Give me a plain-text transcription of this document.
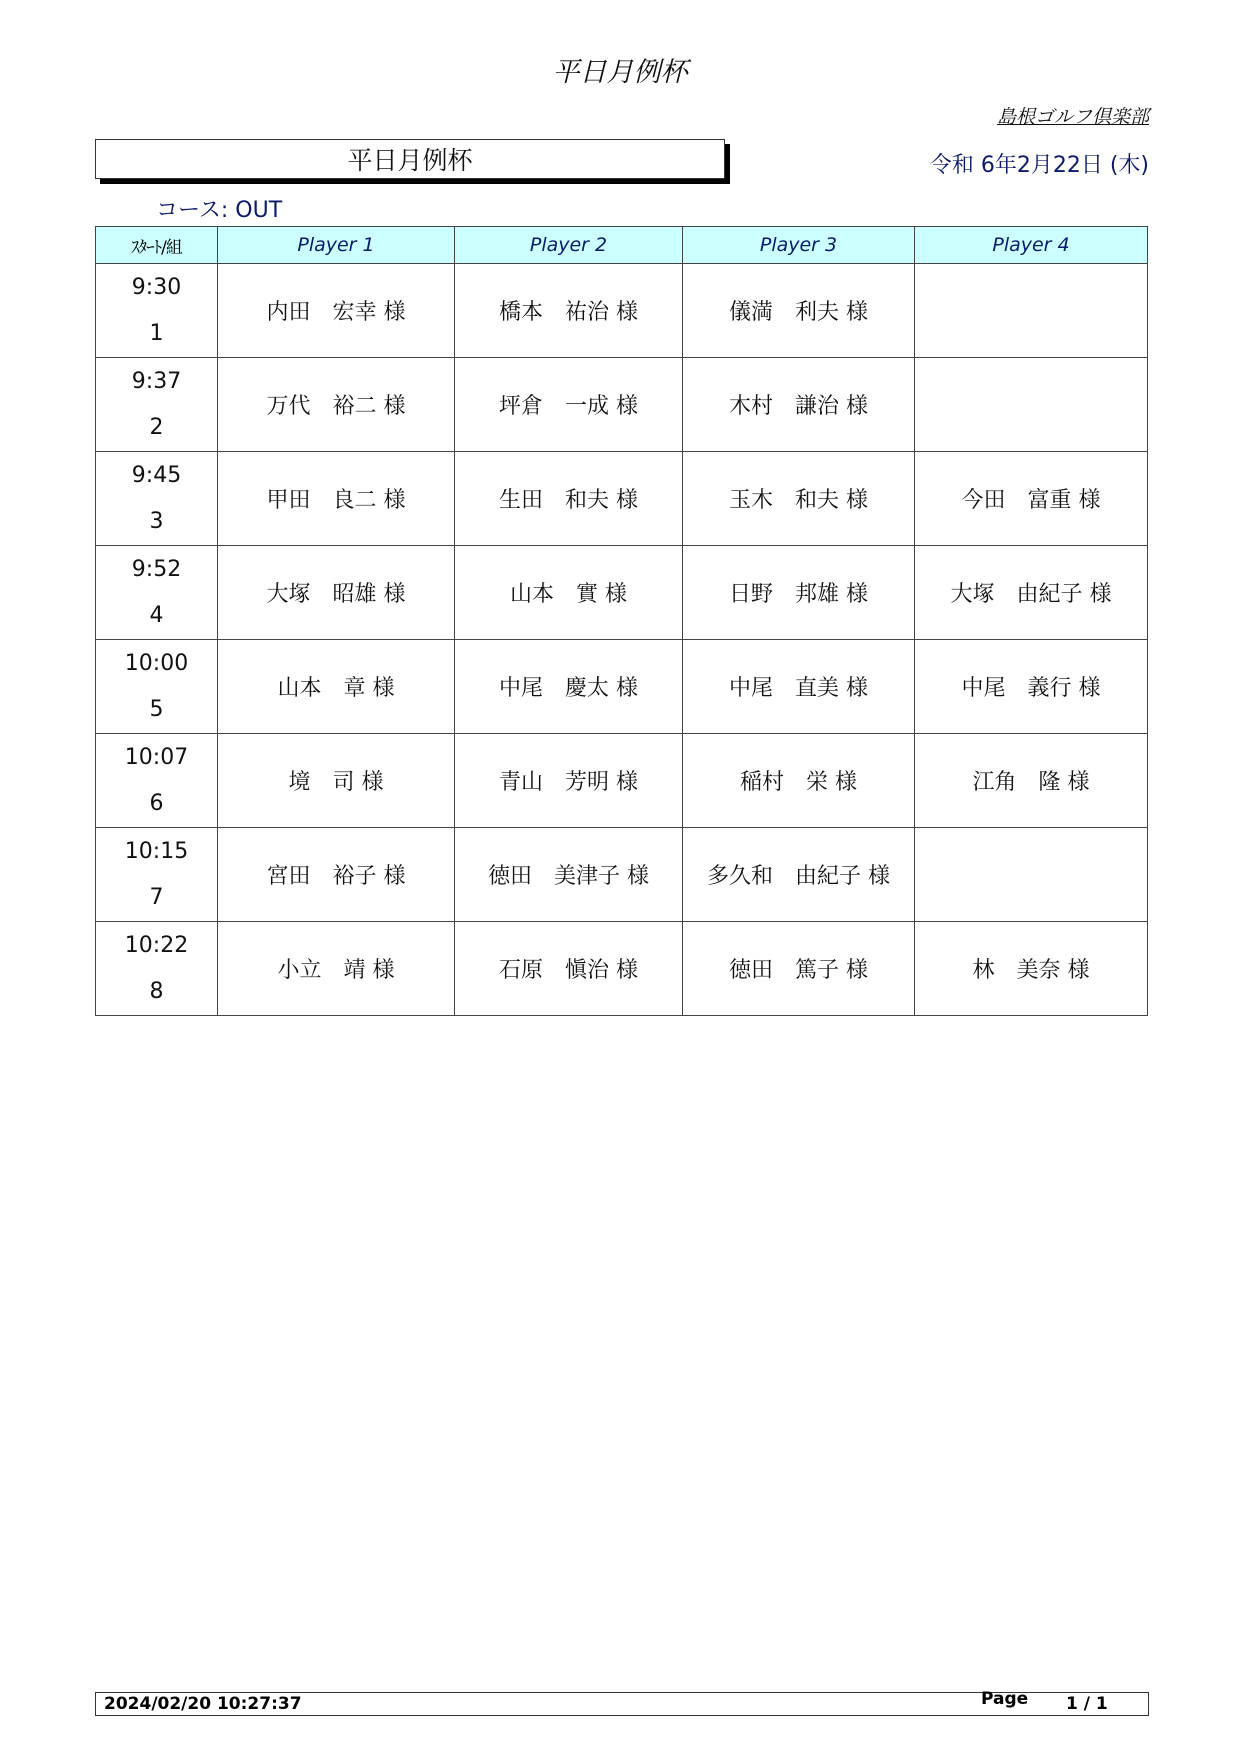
平日月例杯
島根ゴルフ倶楽部
平日月例杯	令和 6年2月22日 (木)
コース: OUT
ｽﾀｰﾄ/組	Player 1	Player 2	Player 3	Player 4

9:30
1	内田　宏幸 様	橋本　祐治 様	儀満　利夫 様	

9:37
2	万代　裕二 様	坪倉　一成 様	木村　謙治 様	

9:45
3	甲田　良二 様	生田　和夫 様	玉木　和夫 様	今田　富重 様

9:52
4	大塚　昭雄 様	山本　實 様	日野　邦雄 様	大塚　由紀子 様

10:00
5	山本　章 様	中尾　慶太 様	中尾　直美 様	中尾　義行 様

10:07
6	境　司 様	青山　芳明 様	稲村　栄 様	江角　隆 様

10:15
7	宮田　裕子 様	徳田　美津子 様	多久和　由紀子 様	

10:22
8	小立　靖 様	石原　愼治 様	徳田　篤子 様	林　美奈 様
2024/02/20 10:27:37	Page 1 / 1
